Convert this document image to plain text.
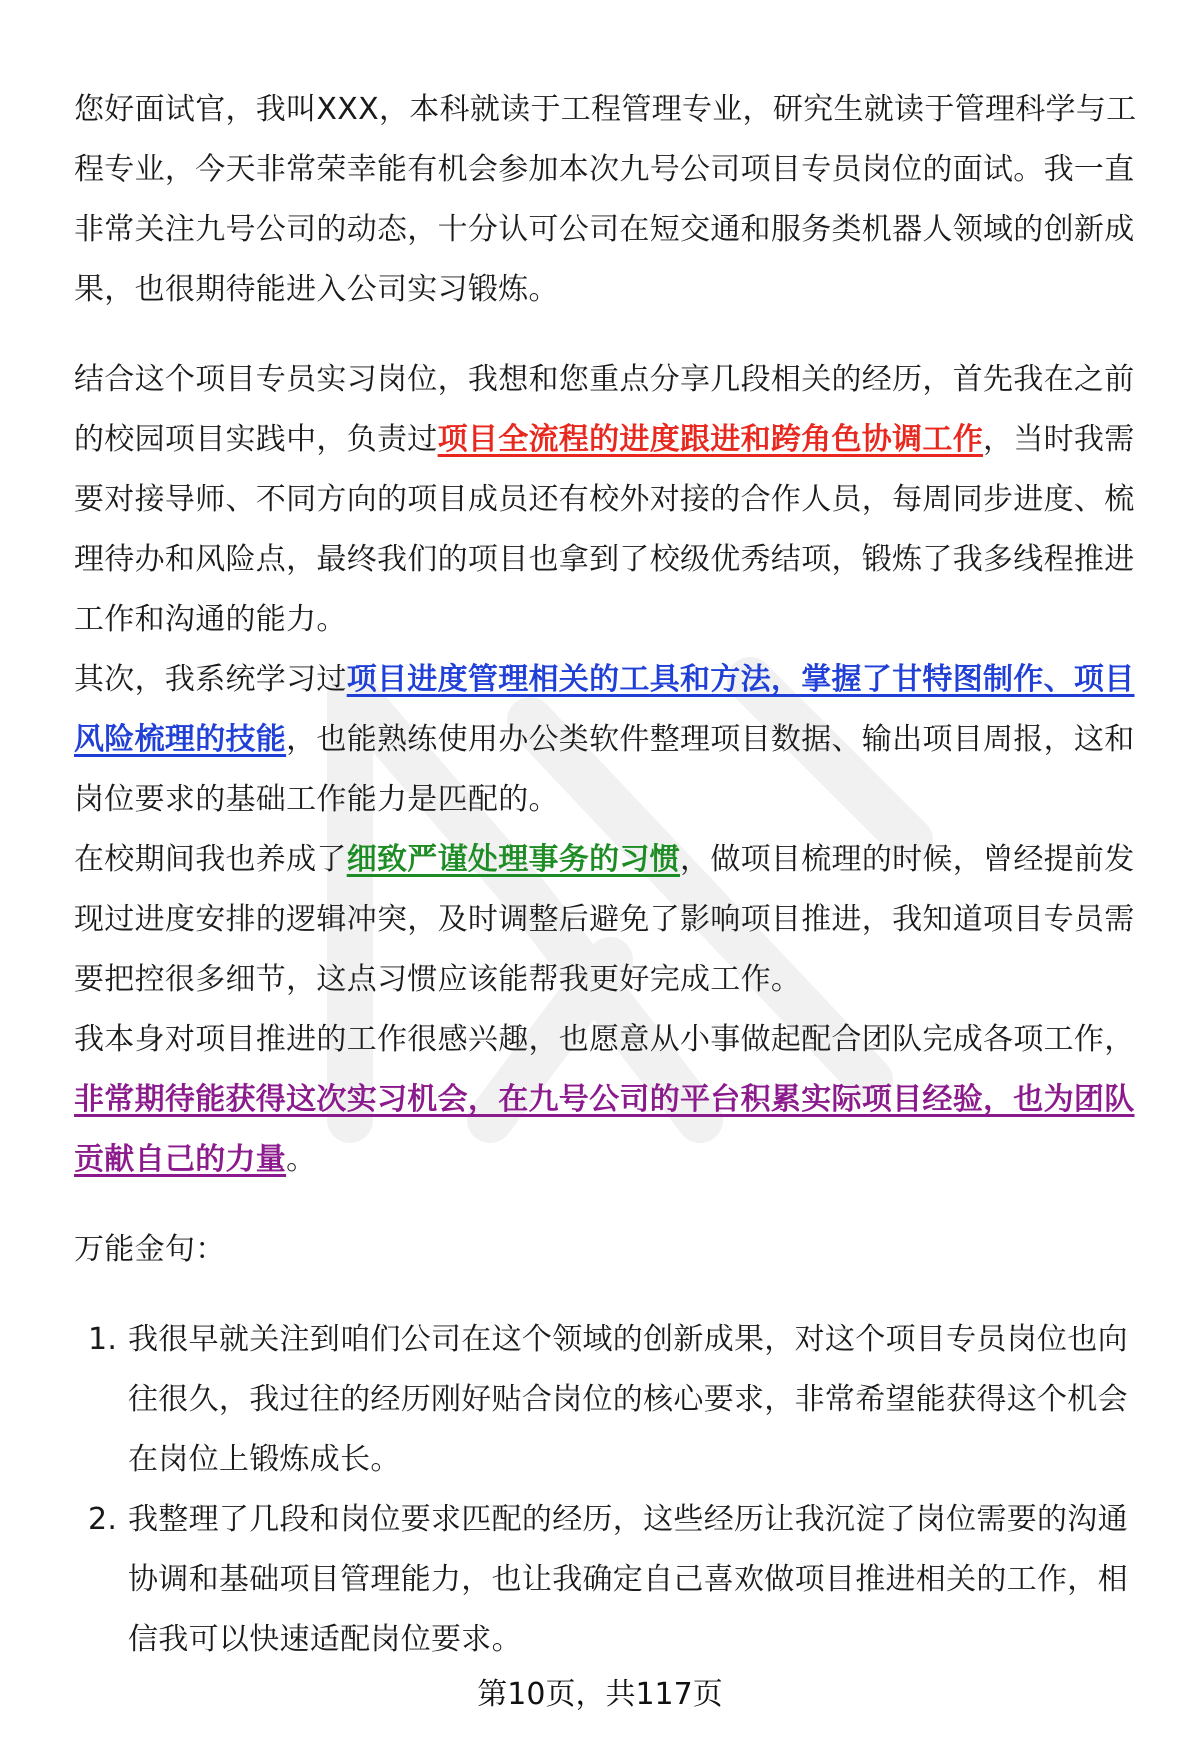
您好面试官，我叫XXX，本科就读于工程管理专业，研究生就读于管理科学与工程专业，今天非常荣幸能有机会参加本次九号公司项目专员岗位的面试。我一直非常关注九号公司的动态，十分认可公司在短交通和服务类机器人领域的创新成果，也很期待能进入公司实习锻炼。

结合这个项目专员实习岗位，我想和您重点分享几段相关的经历，首先我在之前的校园项目实践中，负责过项目全流程的进度跟进和跨角色协调工作，当时我需要对接导师、不同方向的项目成员还有校外对接的合作人员，每周同步进度、梳理待办和风险点，最终我们的项目也拿到了校级优秀结项，锻炼了我多线程推进工作和沟通的能力。

其次，我系统学习过项目进度管理相关的工具和方法，掌握了甘特图制作、项目风险梳理的技能，也能熟练使用办公类软件整理项目数据、输出项目周报，这和岗位要求的基础工作能力是匹配的。

在校期间我也养成了细致严谨处理事务的习惯，做项目梳理的时候，曾经提前发现过进度安排的逻辑冲突，及时调整后避免了影响项目推进，我知道项目专员需要把控很多细节，这点习惯应该能帮我更好完成工作。

我本身对项目推进的工作很感兴趣，也愿意从小事做起配合团队完成各项工作，非常期待能获得这次实习机会，在九号公司的平台积累实际项目经验，也为团队贡献自己的力量。

万能金句：

1. 我很早就关注到咱们公司在这个领域的创新成果，对这个项目专员岗位也向往很久，我过往的经历刚好贴合岗位的核心要求，非常希望能获得这个机会在岗位上锻炼成长。
2. 我整理了几段和岗位要求匹配的经历，这些经历让我沉淀了岗位需要的沟通协调和基础项目管理能力，也让我确定自己喜欢做项目推进相关的工作，相信我可以快速适配岗位要求。
第10页，共117页
